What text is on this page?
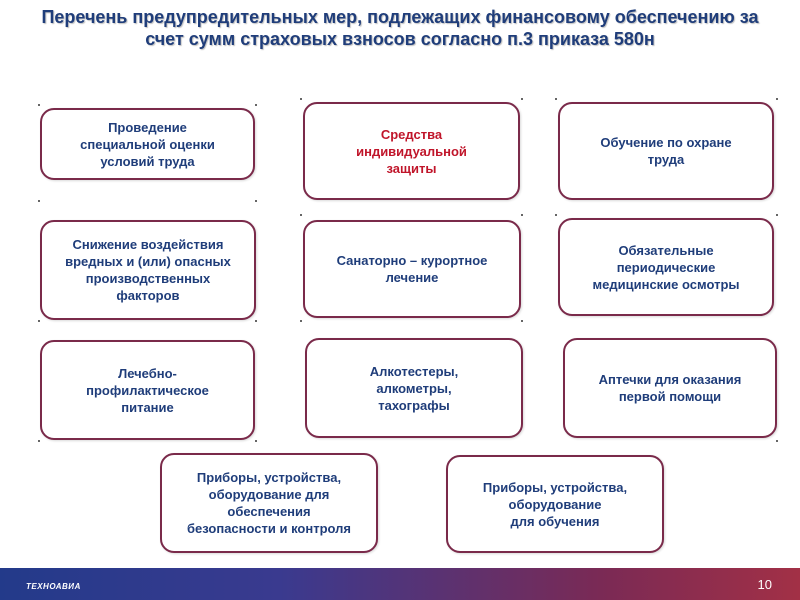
Перечень предупредительных мер, подлежащих финансовому обеспечению за счет сумм страховых взносов согласно п.3 приказа 580н
Проведение
специальной оценки
условий труда
Средства
индивидуальной
защиты
Обучение по охране
труда
Снижение воздействия
вредных и (или) опасных
производственных
факторов
Санаторно – курортное
лечение
Обязательные
периодические
медицинские осмотры
Лечебно-
профилактическое
питание
Алкотестеры,
алкометры,
тахографы
Аптечки для оказания
первой помощи
Приборы, устройства,
оборудование для
обеспечения
безопасности и контроля
Приборы, устройства,
оборудование
для обучения
ТЕХНОАВИА	10
